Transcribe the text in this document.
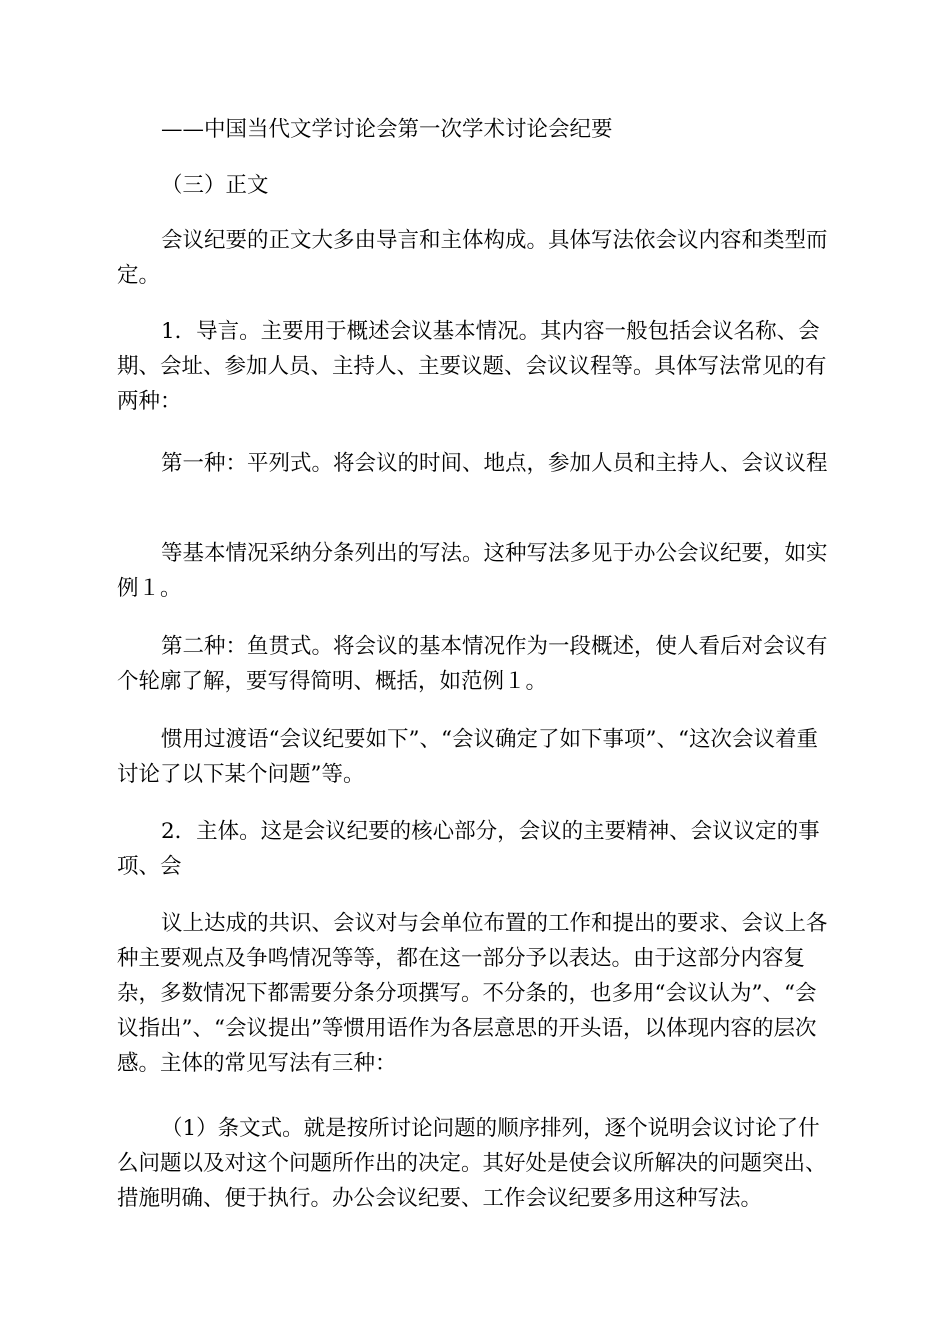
——中国当代文学讨论会第一次学术讨论会纪要

（三）正文

会议纪要的正文大多由导言和主体构成。具体写法依会议内容和类型而定。

1．导言。主要用于概述会议基本情况。其内容一般包括会议名称、会期、会址、参加人员、主持人、主要议题、会议议程等。具体写法常见的有两种：

第一种：平列式。将会议的时间、地点，参加人员和主持人、会议议程

等基本情况采纳分条列出的写法。这种写法多见于办公会议纪要，如实例１。

第二种：鱼贯式。将会议的基本情况作为一段概述，使人看后对会议有个轮廓了解，要写得简明、概括，如范例１。

惯用过渡语“会议纪要如下”、“会议确定了如下事项”、“这次会议着重讨论了以下某个问题”等。

2．主体。这是会议纪要的核心部分，会议的主要精神、会议议定的事项、会

议上达成的共识、会议对与会单位布置的工作和提出的要求、会议上各种主要观点及争鸣情况等等，都在这一部分予以表达。由于这部分内容复杂，多数情况下都需要分条分项撰写。不分条的，也多用“会议认为”、“会议指出”、“会议提出”等惯用语作为各层意思的开头语，以体现内容的层次感。主体的常见写法有三种：

（1）条文式。就是按所讨论问题的顺序排列，逐个说明会议讨论了什么问题以及对这个问题所作出的决定。其好处是使会议所解决的问题突出、措施明确、便于执行。办公会议纪要、工作会议纪要多用这种写法。
